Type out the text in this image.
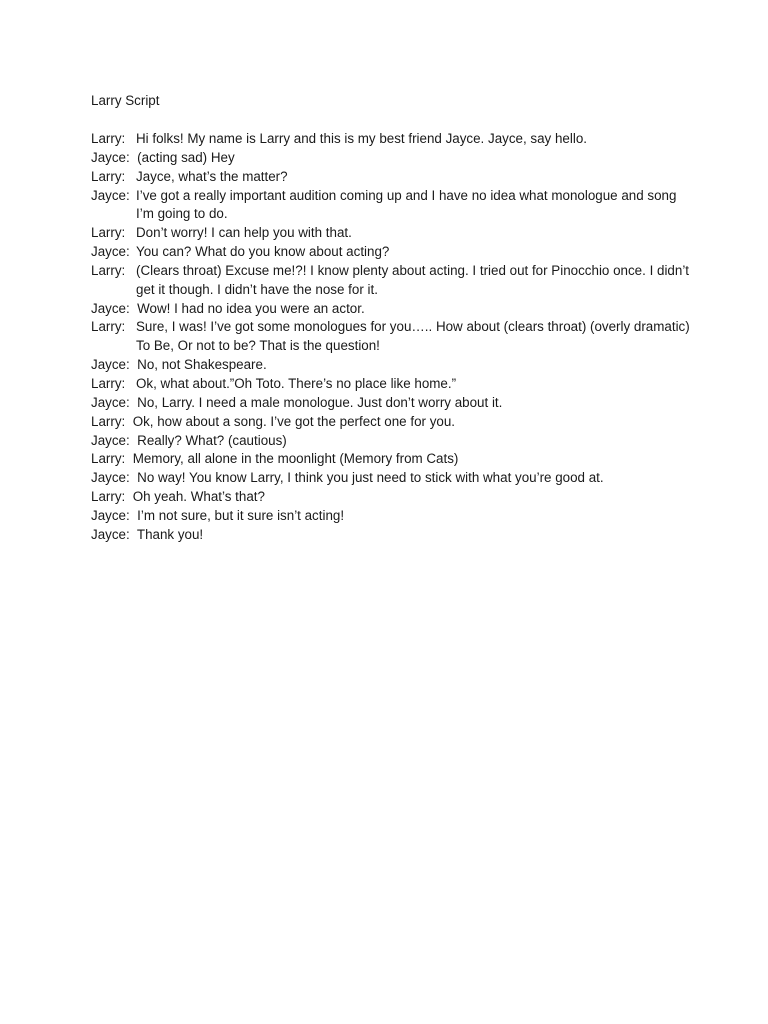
Larry Script
Larry: Hi folks! My name is Larry and this is my best friend Jayce. Jayce, say hello.
Jayce:  (acting sad) Hey
Larry: Jayce, what’s the matter?
Jayce: I’ve got a really important audition coming up and I have no idea what monologue and song I’m going to do.
Larry: Don’t worry! I can help you with that.
Jayce: You can? What do you know about acting?
Larry: (Clears throat) Excuse me!?! I know plenty about acting. I tried out for Pinocchio once. I didn’t get it though. I didn’t have the nose for it.
Jayce:  Wow! I had no idea you were an actor.
Larry: Sure, I was! I’ve got some monologues for you….. How about (clears throat) (overly dramatic) To Be, Or not to be? That is the question!
Jayce:  No, not Shakespeare.
Larry: Ok, what about.”Oh Toto. There’s no place like home.”
Jayce:  No, Larry. I need a male monologue. Just don’t worry about it.
Larry:  Ok, how about a song. I’ve got the perfect one for you.
Jayce:  Really? What? (cautious)
Larry:  Memory, all alone in the moonlight (Memory from Cats)
Jayce:  No way! You know Larry, I think you just need to stick with what you’re good at.
Larry:  Oh yeah. What’s that?
Jayce:  I’m not sure, but it sure isn’t acting!
Jayce:  Thank you!
